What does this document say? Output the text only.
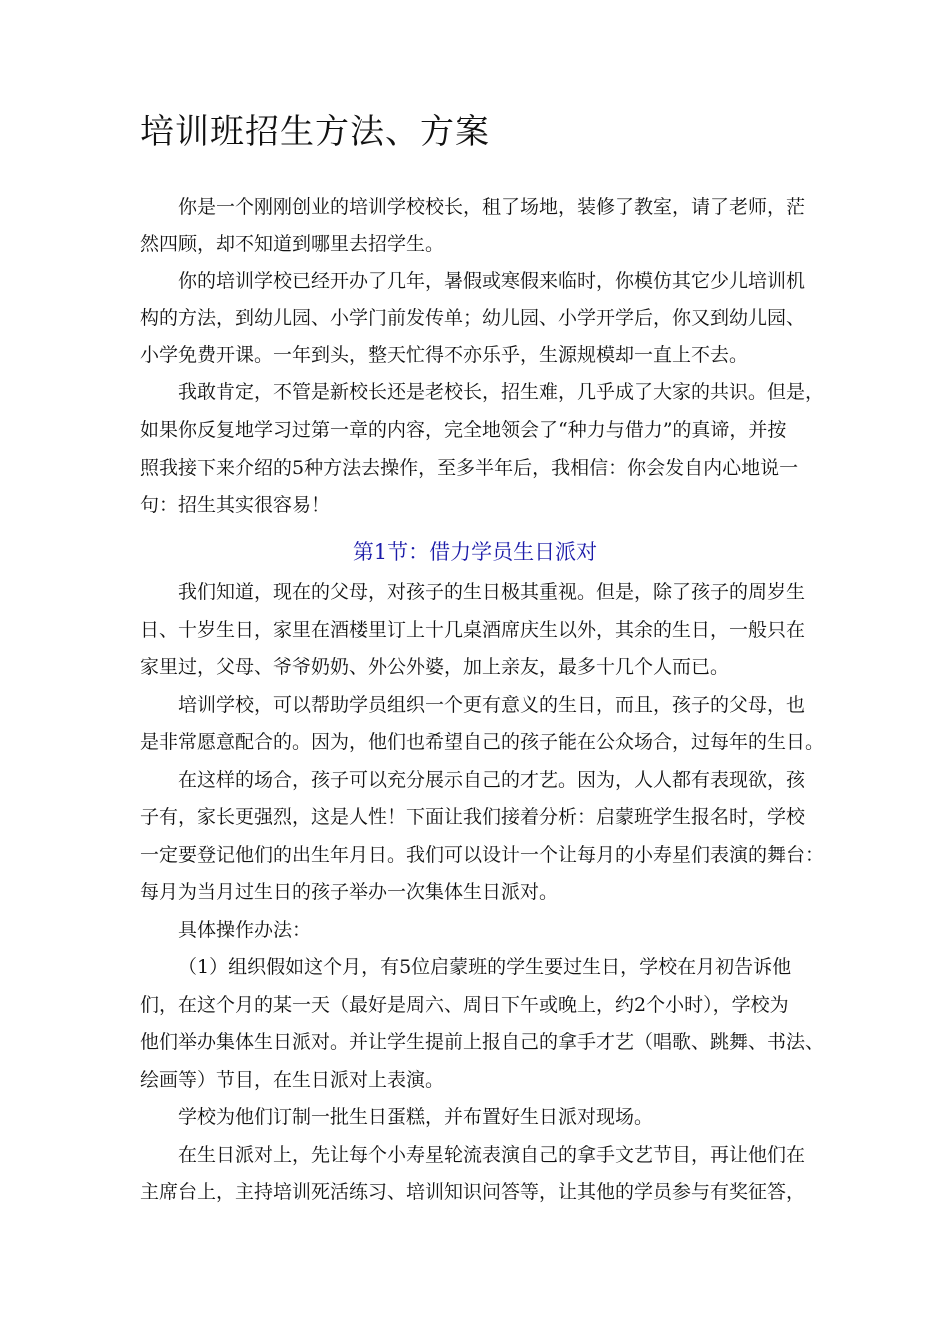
培训班招生方法、方案

你是一个刚刚创业的培训学校校长，租了场地，装修了教室，请了老师，茫

然四顾，却不知道到哪里去招学生。

你的培训学校已经开办了几年，暑假或寒假来临时，你模仿其它少儿培训机

构的方法，到幼儿园、小学门前发传单；幼儿园、小学开学后，你又到幼儿园、

小学免费开课。一年到头，整天忙得不亦乐乎，生源规模却一直上不去。

我敢肯定，不管是新校长还是老校长，招生难，几乎成了大家的共识。但是，

如果你反复地学习过第一章的内容，完全地领会了“种力与借力”的真谛，并按

照我接下来介绍的5种方法去操作，至多半年后，我相信：你会发自内心地说一

句：招生其实很容易！

第1节：借力学员生日派对

我们知道，现在的父母，对孩子的生日极其重视。但是，除了孩子的周岁生

日、十岁生日，家里在酒楼里订上十几桌酒席庆生以外，其余的生日，一般只在

家里过，父母、爷爷奶奶、外公外婆，加上亲友，最多十几个人而已。

培训学校，可以帮助学员组织一个更有意义的生日，而且，孩子的父母，也

是非常愿意配合的。因为，他们也希望自己的孩子能在公众场合，过每年的生日。

在这样的场合，孩子可以充分展示自己的才艺。因为，人人都有表现欲，孩

子有，家长更强烈，这是人性！下面让我们接着分析：启蒙班学生报名时，学校

一定要登记他们的出生年月日。我们可以设计一个让每月的小寿星们表演的舞台：

每月为当月过生日的孩子举办一次集体生日派对。

具体操作办法：

（1）组织假如这个月，有5位启蒙班的学生要过生日，学校在月初告诉他

们，在这个月的某一天（最好是周六、周日下午或晚上，约2个小时），学校为

他们举办集体生日派对。并让学生提前上报自己的拿手才艺（唱歌、跳舞、书法、

绘画等）节目，在生日派对上表演。

学校为他们订制一批生日蛋糕，并布置好生日派对现场。

在生日派对上，先让每个小寿星轮流表演自己的拿手文艺节目，再让他们在

主席台上，主持培训死活练习、培训知识问答等，让其他的学员参与有奖征答，
